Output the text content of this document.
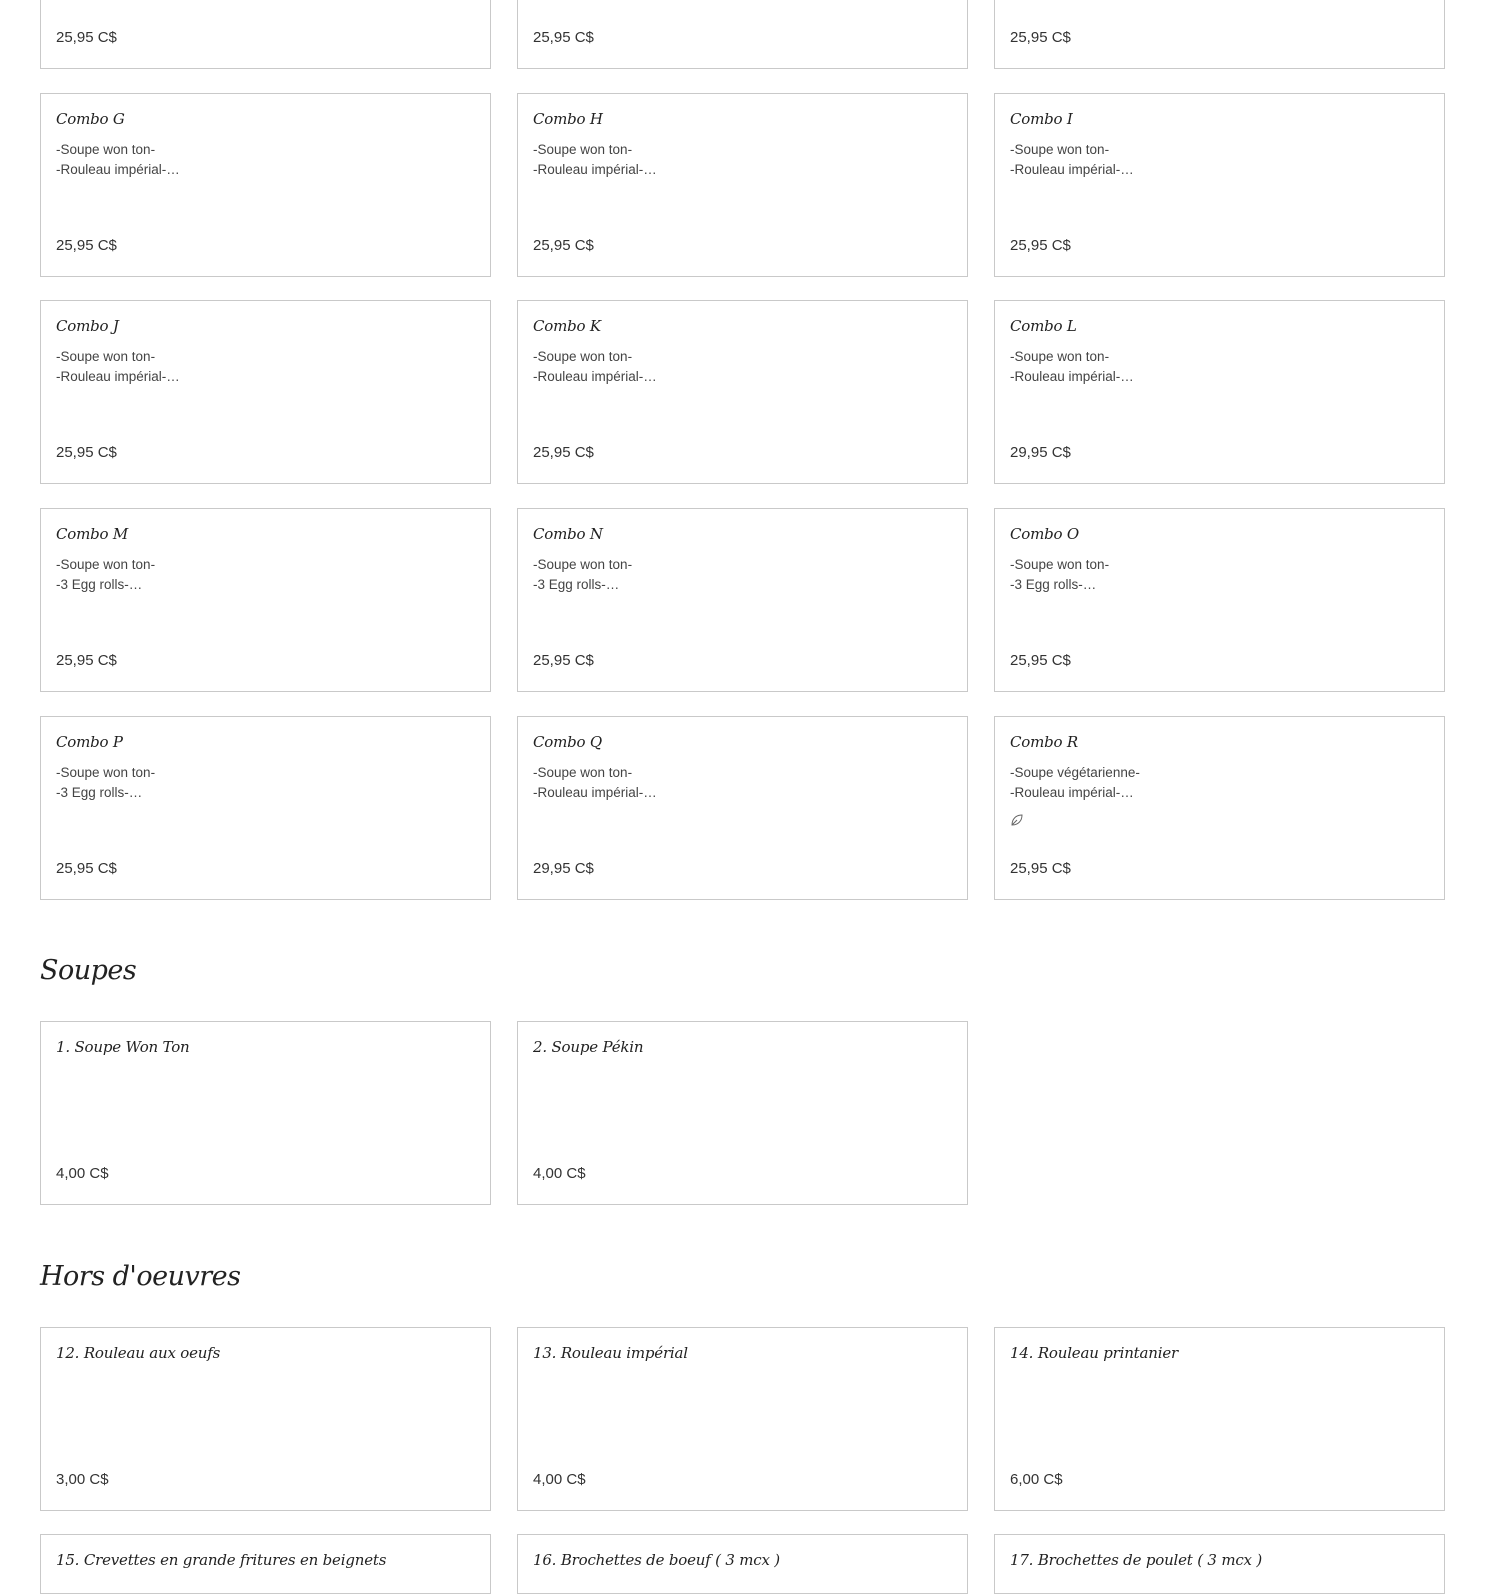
25,95 C$	25,95 C$	25,95 C$
Combo G
-Soupe won ton-
-Rouleau impérial-…
25,95 C$
Combo H
-Soupe won ton-
-Rouleau impérial-…
25,95 C$
Combo I
-Soupe won ton-
-Rouleau impérial-…
25,95 C$
Combo J
-Soupe won ton-
-Rouleau impérial-…
25,95 C$
Combo K
-Soupe won ton-
-Rouleau impérial-…
25,95 C$
Combo L
-Soupe won ton-
-Rouleau impérial-…
29,95 C$
Combo M
-Soupe won ton-
-3 Egg rolls-…
25,95 C$
Combo N
-Soupe won ton-
-3 Egg rolls-…
25,95 C$
Combo O
-Soupe won ton-
-3 Egg rolls-…
25,95 C$
Combo P
-Soupe won ton-
-3 Egg rolls-…
25,95 C$
Combo Q
-Soupe won ton-
-Rouleau impérial-…
29,95 C$
Combo R
-Soupe végétarienne-
-Rouleau impérial-…
25,95 C$
Soupes
1. Soupe Won Ton
4,00 C$
2. Soupe Pékin
4,00 C$
Hors d'oeuvres
12. Rouleau aux oeufs
3,00 C$
13. Rouleau impérial
4,00 C$
14. Rouleau printanier
6,00 C$
15. Crevettes en grande fritures en beignets	16. Brochettes de boeuf ( 3 mcx )	17. Brochettes de poulet ( 3 mcx )
